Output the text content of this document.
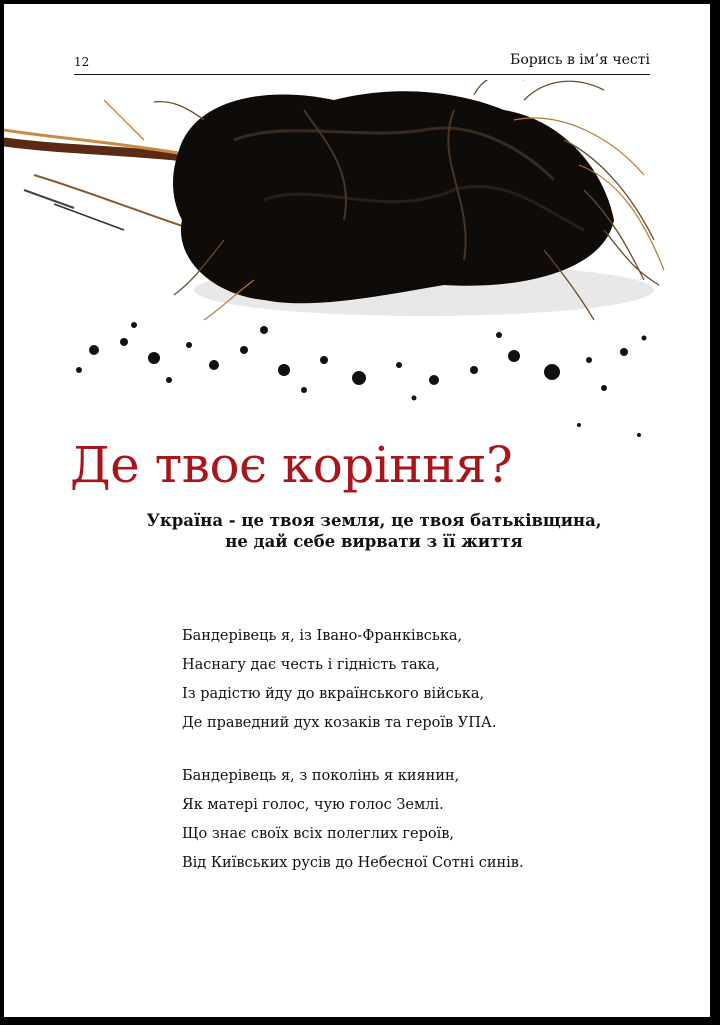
12	Борись в ім’я честі
Де твоє коріння?
Україна - це твоя земля, це твоя батьківщина,
не дай себе вирвати з її життя
Бандерівець я, із Івано-Франківська,
Наснагу дає честь і гідність така,
Із радістю йду до вкраїнського війська,
Де праведний дух козаків та героїв УПА.
Бандерівець я, з поколінь я киянин,
Як матері голос, чую голос Землі.
Що знає своїх всіх полеглих героїв,
Від Київських русів до Небесної Сотні синів.
